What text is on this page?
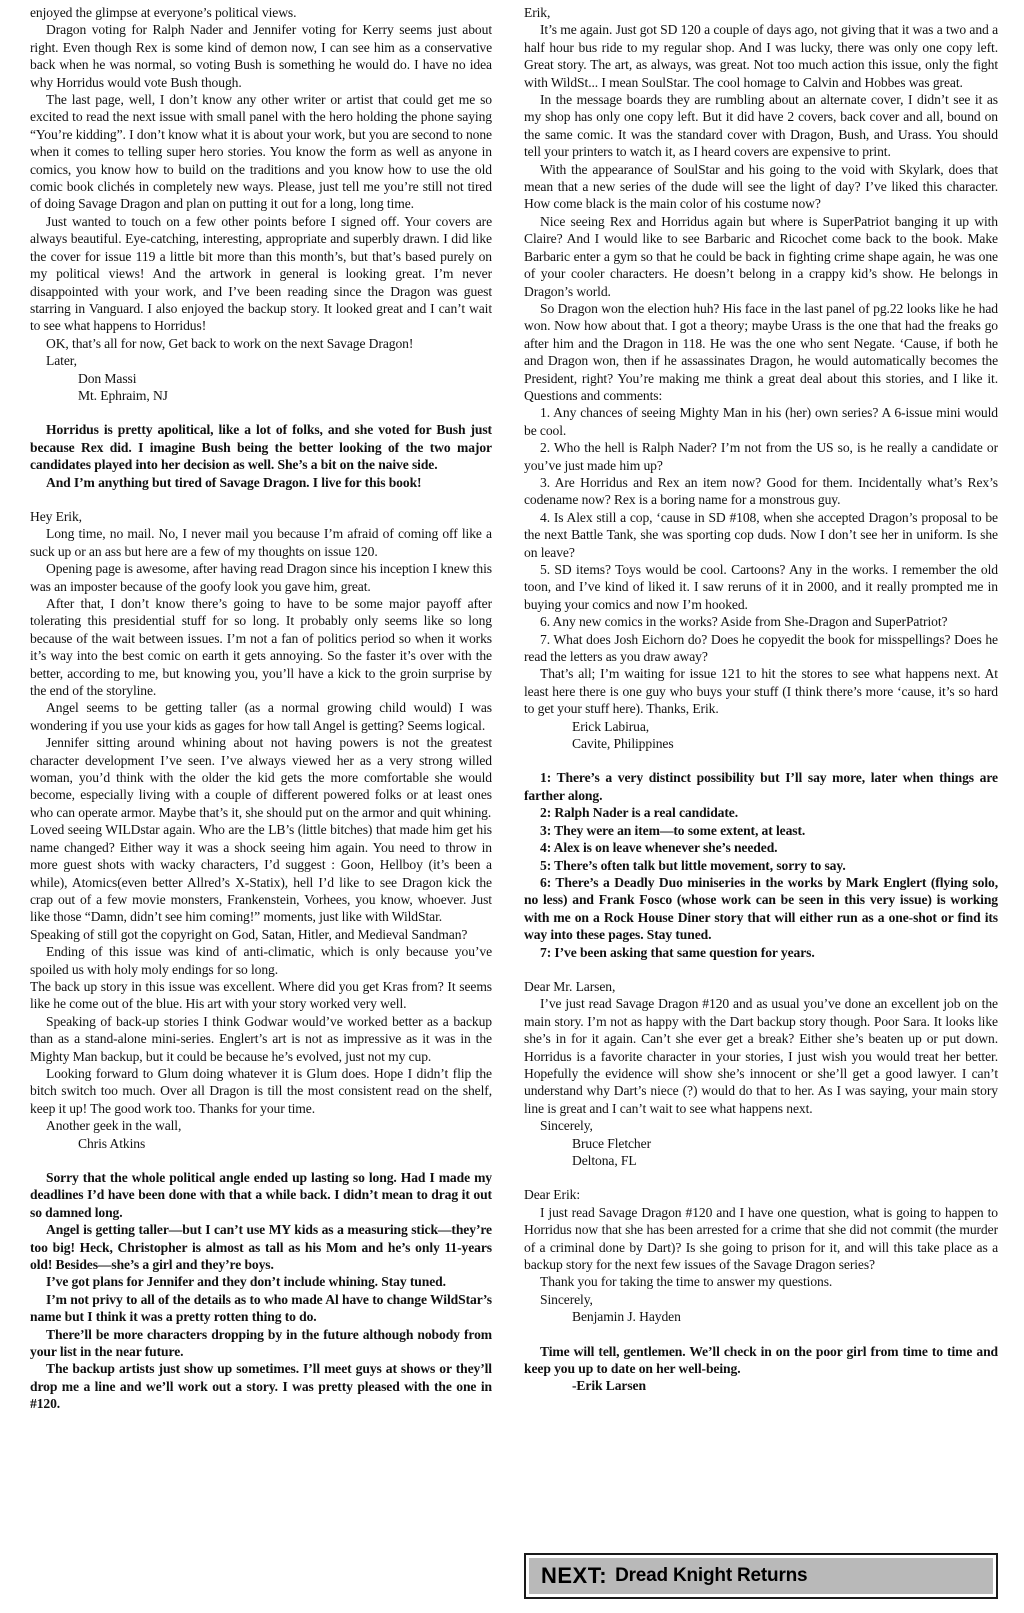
enjoyed the glimpse at everyone’s political views.

Dragon voting for Ralph Nader and Jennifer voting for Kerry seems just about right. Even though Rex is some kind of demon now, I can see him as a conservative back when he was normal, so voting Bush is something he would do. I have no idea why Horridus would vote Bush though.

The last page, well, I don’t know any other writer or artist that could get me so excited to read the next issue with small panel with the hero holding the phone saying “You’re kidding”. I don’t know what it is about your work, but you are second to none when it comes to telling super hero stories. You know the form as well as anyone in comics, you know how to build on the traditions and you know how to use the old comic book clichés in completely new ways. Please, just tell me you’re still not tired of doing Savage Dragon and plan on putting it out for a long, long time.

Just wanted to touch on a few other points before I signed off. Your covers are always beautiful. Eye-catching, interesting, appropriate and superbly drawn. I did like the cover for issue 119 a little bit more than this month’s, but that’s based purely on my political views! And the artwork in general is looking great. I’m never disappointed with your work, and I’ve been reading since the Dragon was guest starring in Vanguard. I also enjoyed the backup story. It looked great and I can’t wait to see what happens to Horridus!

OK, that’s all for now, Get back to work on the next Savage Dragon!

Later,

Don Massi

Mt. Ephraim, NJ

Horridus is pretty apolitical, like a lot of folks, and she voted for Bush just because Rex did. I imagine Bush being the better looking of the two major candidates played into her decision as well. She’s a bit on the naive side.

And I’m anything but tired of Savage Dragon. I live for this book!

Hey Erik,

Long time, no mail. No, I never mail you because I’m afraid of coming off like a suck up or an ass but here are a few of my thoughts on issue 120.

Opening page is awesome, after having read Dragon since his inception I knew this was an imposter because of the goofy look you gave him, great.

After that, I don’t know there’s going to have to be some major payoff after tolerating this presidential stuff for so long. It probably only seems like so long because of the wait between issues. I’m not a fan of politics period so when it works it’s way into the best comic on earth it gets annoying. So the faster it’s over with the better, according to me, but knowing you, you’ll have a kick to the groin surprise by the end of the storyline.

Angel seems to be getting taller (as a normal growing child would) I was wondering if you use your kids as gages for how tall Angel is getting? Seems logical.

Jennifer sitting around whining about not having powers is not the greatest character development I’ve seen. I’ve always viewed her as a very strong willed woman, you’d think with the older the kid gets the more comfortable she would become, especially living with a couple of different powered folks or at least ones who can operate armor. Maybe that’s it, she should put on the armor and quit whining.

Loved seeing WILDstar again. Who are the LB’s (little bitches) that made him get his name changed? Either way it was a shock seeing him again. You need to throw in more guest shots with wacky characters, I’d suggest : Goon, Hellboy (it’s been a while), Atomics(even better Allred’s X-Statix), hell I’d like to see Dragon kick the crap out of a few movie monsters, Frankenstein, Vorhees, you know, whoever. Just like those “Damn, didn’t see him coming!” moments, just like with WildStar.

Speaking of still got the copyright on God, Satan, Hitler, and Medieval Sandman?

Ending of this issue was kind of anti-climatic, which is only because you’ve spoiled us with holy moly endings for so long.

The back up story in this issue was excellent. Where did you get Kras from? It seems like he come out of the blue. His art with your story worked very well.

Speaking of back-up stories I think Godwar would’ve worked better as a backup than as a stand-alone mini-series. Englert’s art is not as impressive as it was in the Mighty Man backup, but it could be because he’s evolved, just not my cup.

Looking forward to Glum doing whatever it is Glum does. Hope I didn’t flip the bitch switch too much. Over all Dragon is till the most consistent read on the shelf, keep it up! The good work too. Thanks for your time.

Another geek in the wall,

Chris Atkins

Sorry that the whole political angle ended up lasting so long. Had I made my deadlines I’d have been done with that a while back. I didn’t mean to drag it out so damned long.

Angel is getting taller—but I can’t use MY kids as a measuring stick—they’re too big! Heck, Christopher is almost as tall as his Mom and he’s only 11-years old! Besides—she’s a girl and they’re boys.

I’ve got plans for Jennifer and they don’t include whining. Stay tuned.

I’m not privy to all of the details as to who made Al have to change WildStar’s name but I think it was a pretty rotten thing to do.

There’ll be more characters dropping by in the future although nobody from your list in the near future.

The backup artists just show up sometimes. I’ll meet guys at shows or they’ll drop me a line and we’ll work out a story. I was pretty pleased with the one in #120.

Erik,

It’s me again. Just got SD 120 a couple of days ago, not giving that it was a two and a half hour bus ride to my regular shop. And I was lucky, there was only one copy left. Great story. The art, as always, was great. Not too much action this issue, only the fight with WildSt... I mean SoulStar. The cool homage to Calvin and Hobbes was great.

In the message boards they are rumbling about an alternate cover, I didn’t see it as my shop has only one copy left. But it did have 2 covers, back cover and all, bound on the same comic. It was the standard cover with Dragon, Bush, and Urass. You should tell your printers to watch it, as I heard covers are expensive to print.

With the appearance of SoulStar and his going to the void with Skylark, does that mean that a new series of the dude will see the light of day? I’ve liked this character. How come black is the main color of his costume now?

Nice seeing Rex and Horridus again but where is SuperPatriot banging it up with Claire? And I would like to see Barbaric and Ricochet come back to the book. Make Barbaric enter a gym so that he could be back in fighting crime shape again, he was one of your cooler characters. He doesn’t belong in a crappy kid’s show. He belongs in Dragon’s world.

So Dragon won the election huh? His face in the last panel of pg.22 looks like he had won. Now how about that. I got a theory; maybe Urass is the one that had the freaks go after him and the Dragon in 118. He was the one who sent Negate. ‘Cause, if both he and Dragon won, then if he assassinates Dragon, he would automatically becomes the President, right? You’re making me think a great deal about this stories, and I like it. Questions and comments:

1. Any chances of seeing Mighty Man in his (her) own series? A 6-issue mini would be cool.

2. Who the hell is Ralph Nader? I’m not from the US so, is he really a candidate or you’ve just made him up?

3. Are Horridus and Rex an item now? Good for them. Incidentally what’s Rex’s codename now? Rex is a boring name for a monstrous guy.

4. Is Alex still a cop, ‘cause in SD #108, when she accepted Dragon’s proposal to be the next Battle Tank, she was sporting cop duds. Now I don’t see her in uniform. Is she on leave?

5. SD items? Toys would be cool. Cartoons? Any in the works. I remember the old toon, and I’ve kind of liked it. I saw reruns of it in 2000, and it really prompted me in buying your comics and now I’m hooked.

6. Any new comics in the works? Aside from She-Dragon and SuperPatriot?

7. What does Josh Eichorn do? Does he copyedit the book for misspellings? Does he read the letters as you draw away?

That’s all; I’m waiting for issue 121 to hit the stores to see what happens next. At least here there is one guy who buys your stuff (I think there’s more ‘cause, it’s so hard to get your stuff here). Thanks, Erik.

Erick Labirua,

Cavite, Philippines

1: There’s a very distinct possibility but I’ll say more, later when things are farther along.

2: Ralph Nader is a real candidate.

3: They were an item—to some extent, at least.

4: Alex is on leave whenever she’s needed.

5: There’s often talk but little movement, sorry to say.

6: There’s a Deadly Duo miniseries in the works by Mark Englert (flying solo, no less) and Frank Fosco (whose work can be seen in this very issue) is working with me on a Rock House Diner story that will either run as a one-shot or find its way into these pages. Stay tuned.

7: I’ve been asking that same question for years.

Dear Mr. Larsen,

I’ve just read Savage Dragon #120 and as usual you’ve done an excellent job on the main story. I’m not as happy with the Dart backup story though. Poor Sara. It looks like she’s in for it again. Can’t she ever get a break? Either she’s beaten up or put down. Horridus is a favorite character in your stories, I just wish you would treat her better. Hopefully the evidence will show she’s innocent or she’ll get a good lawyer. I can’t understand why Dart’s niece (?) would do that to her. As I was saying, your main story line is great and I can’t wait to see what happens next.

Sincerely,

Bruce Fletcher

Deltona, FL

Dear Erik:

I just read Savage Dragon #120 and I have one question, what is going to happen to Horridus now that she has been arrested for a crime that she did not commit (the murder of a criminal done by Dart)? Is she going to prison for it, and will this take place as a backup story for the next few issues of the Savage Dragon series?

Thank you for taking the time to answer my questions.

Sincerely,

Benjamin J. Hayden

Time will tell, gentlemen. We’ll check in on the poor girl from time to time and keep you up to date on her well-being.

-Erik Larsen

NEXT: Dread Knight Returns
